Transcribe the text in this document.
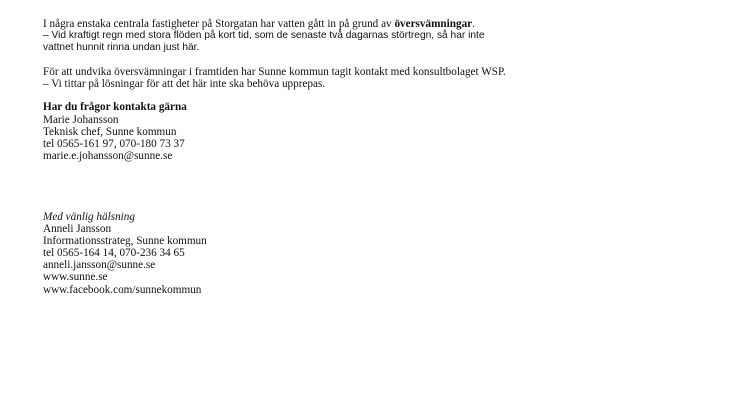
I några enstaka centrala fastigheter på Storgatan har vatten gått in på grund av översvämningar.
– Vid kraftigt regn med stora flöden på kort tid, som de senaste två dagarnas störtregn, så har inte
vattnet hunnit rinna undan just här.
För att undvika översvämningar i framtiden har Sunne kommun tagit kontakt med konsultbolaget WSP.
– Vi tittar på lösningar för att det här inte ska behöva upprepas.
Har du frågor kontakta gärna
Marie Johansson
Teknisk chef, Sunne kommun
tel 0565-161 97, 070-180 73 37
marie.e.johansson@sunne.se
Med vänlig hälsning
Anneli Jansson
Informationsstrateg, Sunne kommun
tel 0565-164 14, 070-236 34 65
anneli.jansson@sunne.se
www.sunne.se
www.facebook.com/sunnekommun
